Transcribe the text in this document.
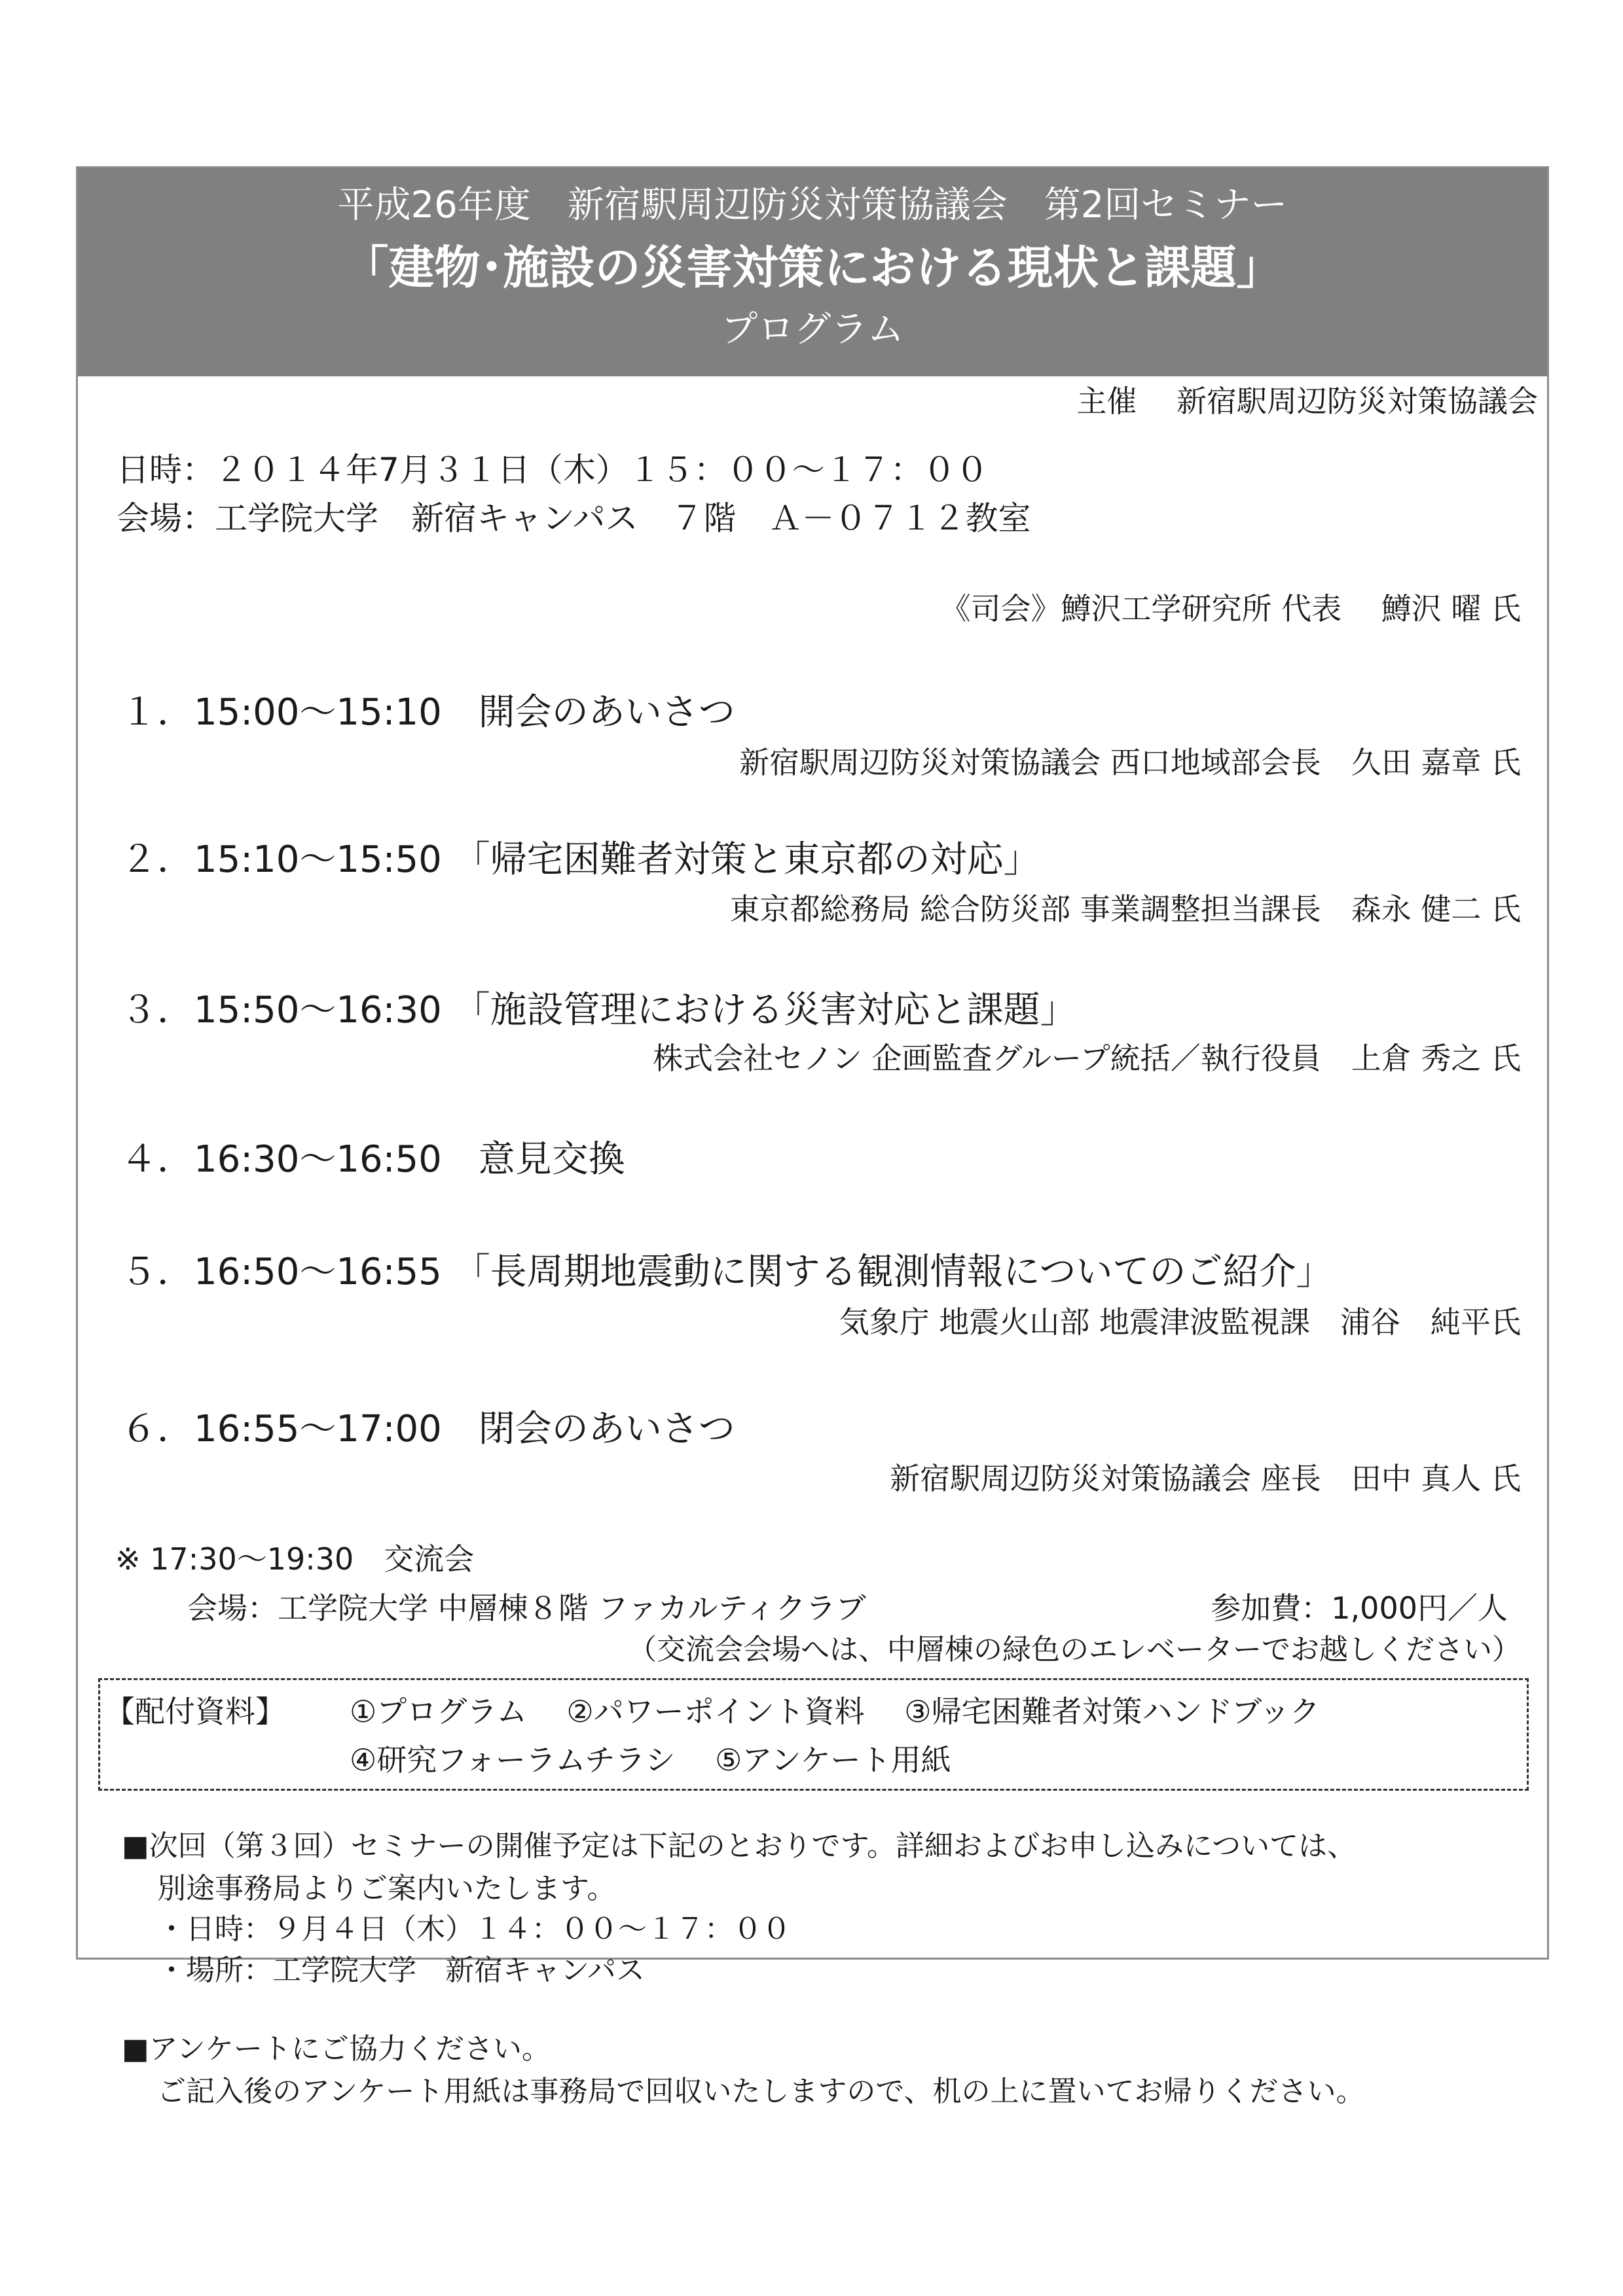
平成26年度　新宿駅周辺防災対策協議会　第2回セミナー
「建物･施設の災害対策における現状と課題」
プログラム
主催　 新宿駅周辺防災対策協議会
日時：２０１４年7月３１日（木）１５：００～１７：００
会場：工学院大学　新宿キャンパス　７階　Ａ－０７１２教室
《司会》鱒沢工学研究所 代表　 鱒沢 曜 氏
１．15:00～15:10　開会のあいさつ
新宿駅周辺防災対策協議会 西口地域部会長　久田 嘉章 氏
２．15:10～15:50 「帰宅困難者対策と東京都の対応」
東京都総務局 総合防災部 事業調整担当課長　森永 健二 氏
３．15:50～16:30 「施設管理における災害対応と課題」
株式会社セノン 企画監査グループ統括／執行役員　上倉 秀之 氏
４．16:30～16:50　意見交換
５．16:50～16:55 「長周期地震動に関する観測情報についてのご紹介」
気象庁 地震火山部 地震津波監視課　浦谷　純平氏
６．16:55～17:00　閉会のあいさつ
新宿駅周辺防災対策協議会 座長　田中 真人 氏
※ 17:30～19:30　交流会
会場：工学院大学 中層棟８階 ファカルティクラブ	参加費：1,000円／人
（交流会会場へは、中層棟の緑色のエレベーターでお越しください）
【配付資料】 ①プログラム　 ②パワーポイント資料　 ③帰宅困難者対策ハンドブック
④研究フォーラムチラシ　 ⑤アンケート用紙
■次回（第３回）セミナーの開催予定は下記のとおりです。詳細およびお申し込みについては、
別途事務局よりご案内いたします。
・日時：９月４日（木）１４：００～１７：００
・場所：工学院大学　新宿キャンパス
■アンケートにご協力ください。
ご記入後のアンケート用紙は事務局で回収いたしますので、机の上に置いてお帰りください。
